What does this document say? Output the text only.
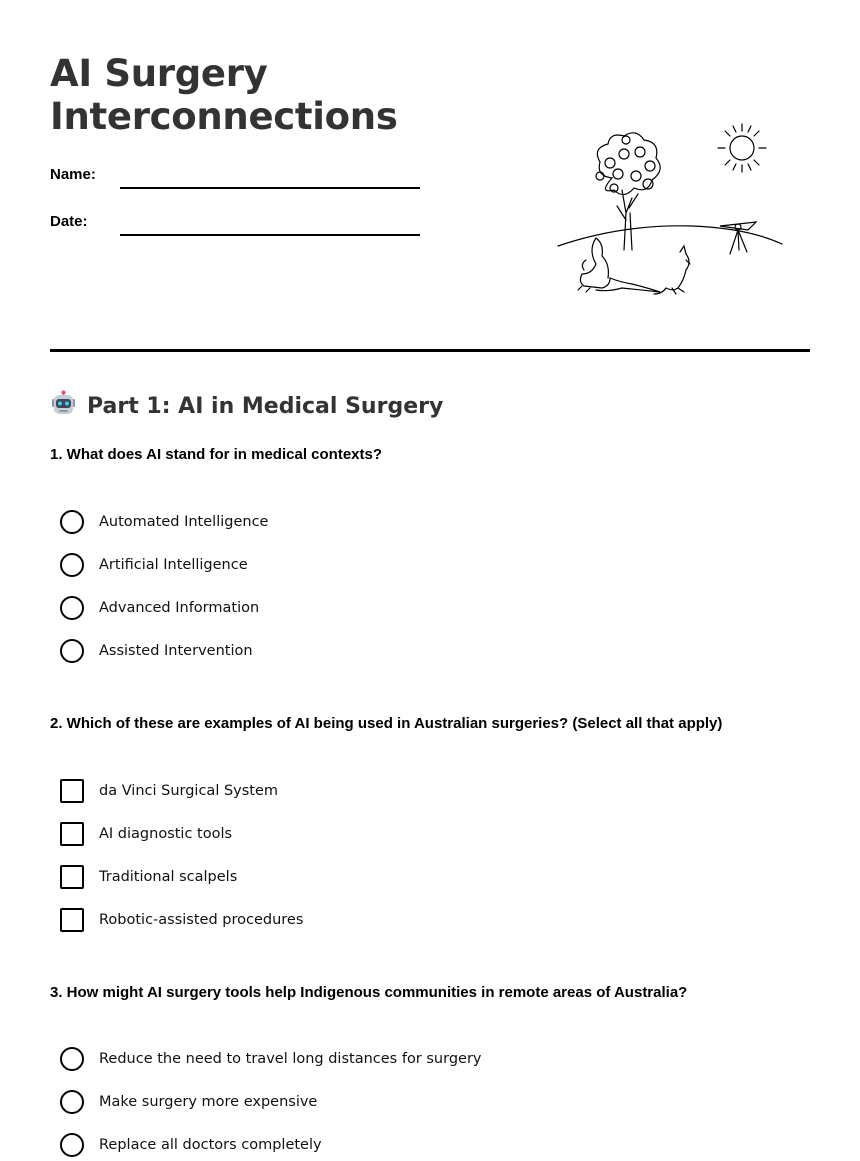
AI Surgery
Interconnections
Name:
Date:
Part 1: AI in Medical Surgery
1. What does AI stand for in medical contexts?
Automated Intelligence
Artificial Intelligence
Advanced Information
Assisted Intervention
2. Which of these are examples of AI being used in Australian surgeries? (Select all that apply)
da Vinci Surgical System
AI diagnostic tools
Traditional scalpels
Robotic-assisted procedures
3. How might AI surgery tools help Indigenous communities in remote areas of Australia?
Reduce the need to travel long distances for surgery
Make surgery more expensive
Replace all doctors completely
